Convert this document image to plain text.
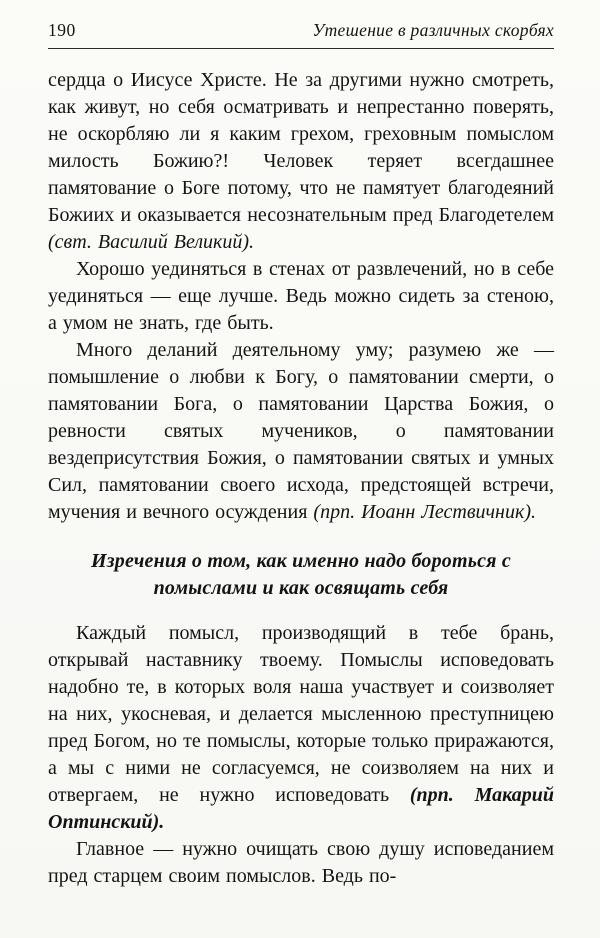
190	Утешение в различных скорбях

сердца о Иисусе Христе. Не за другими нужно смотреть, как живут, но себя осматривать и непрестанно поверять, не оскорбляю ли я каким грехом, греховным помыслом милость Божию?! Человек теряет всегдашнее памятование о Боге потому, что не памятует благодеяний Божиих и оказывается несознательным пред Благодетелем (свт. Василий Великий).

Хорошо уединяться в стенах от развлечений, но в себе уединяться — еще лучше. Ведь можно сидеть за стеною, а умом не знать, где быть.

Много деланий деятельному уму; разумею же — помышление о любви к Богу, о памятовании смерти, о памятовании Бога, о памятовании Царства Божия, о ревности святых мучеников, о памятовании вездеприсутствия Божия, о памятовании святых и умных Сил, памятовании своего исхода, предстоящей встречи, мучения и вечного осуждения (прп. Иоанн Лествичник).

Изречения о том, как именно надо бороться с помыслами и как освящать себя

Каждый помысл, производящий в тебе брань, открывай наставнику твоему. Помыслы исповедовать надобно те, в которых воля наша участвует и соизволяет на них, укосневая, и делается мысленною преступницею пред Богом, но те помыслы, которые только приражаются, а мы с ними не согласуемся, не соизволяем на них и отвергаем, не нужно исповедовать (прп. Макарий Оптинский).

Главное — нужно очищать свою душу исповеданием пред старцем своим помыслов. Ведь по-
